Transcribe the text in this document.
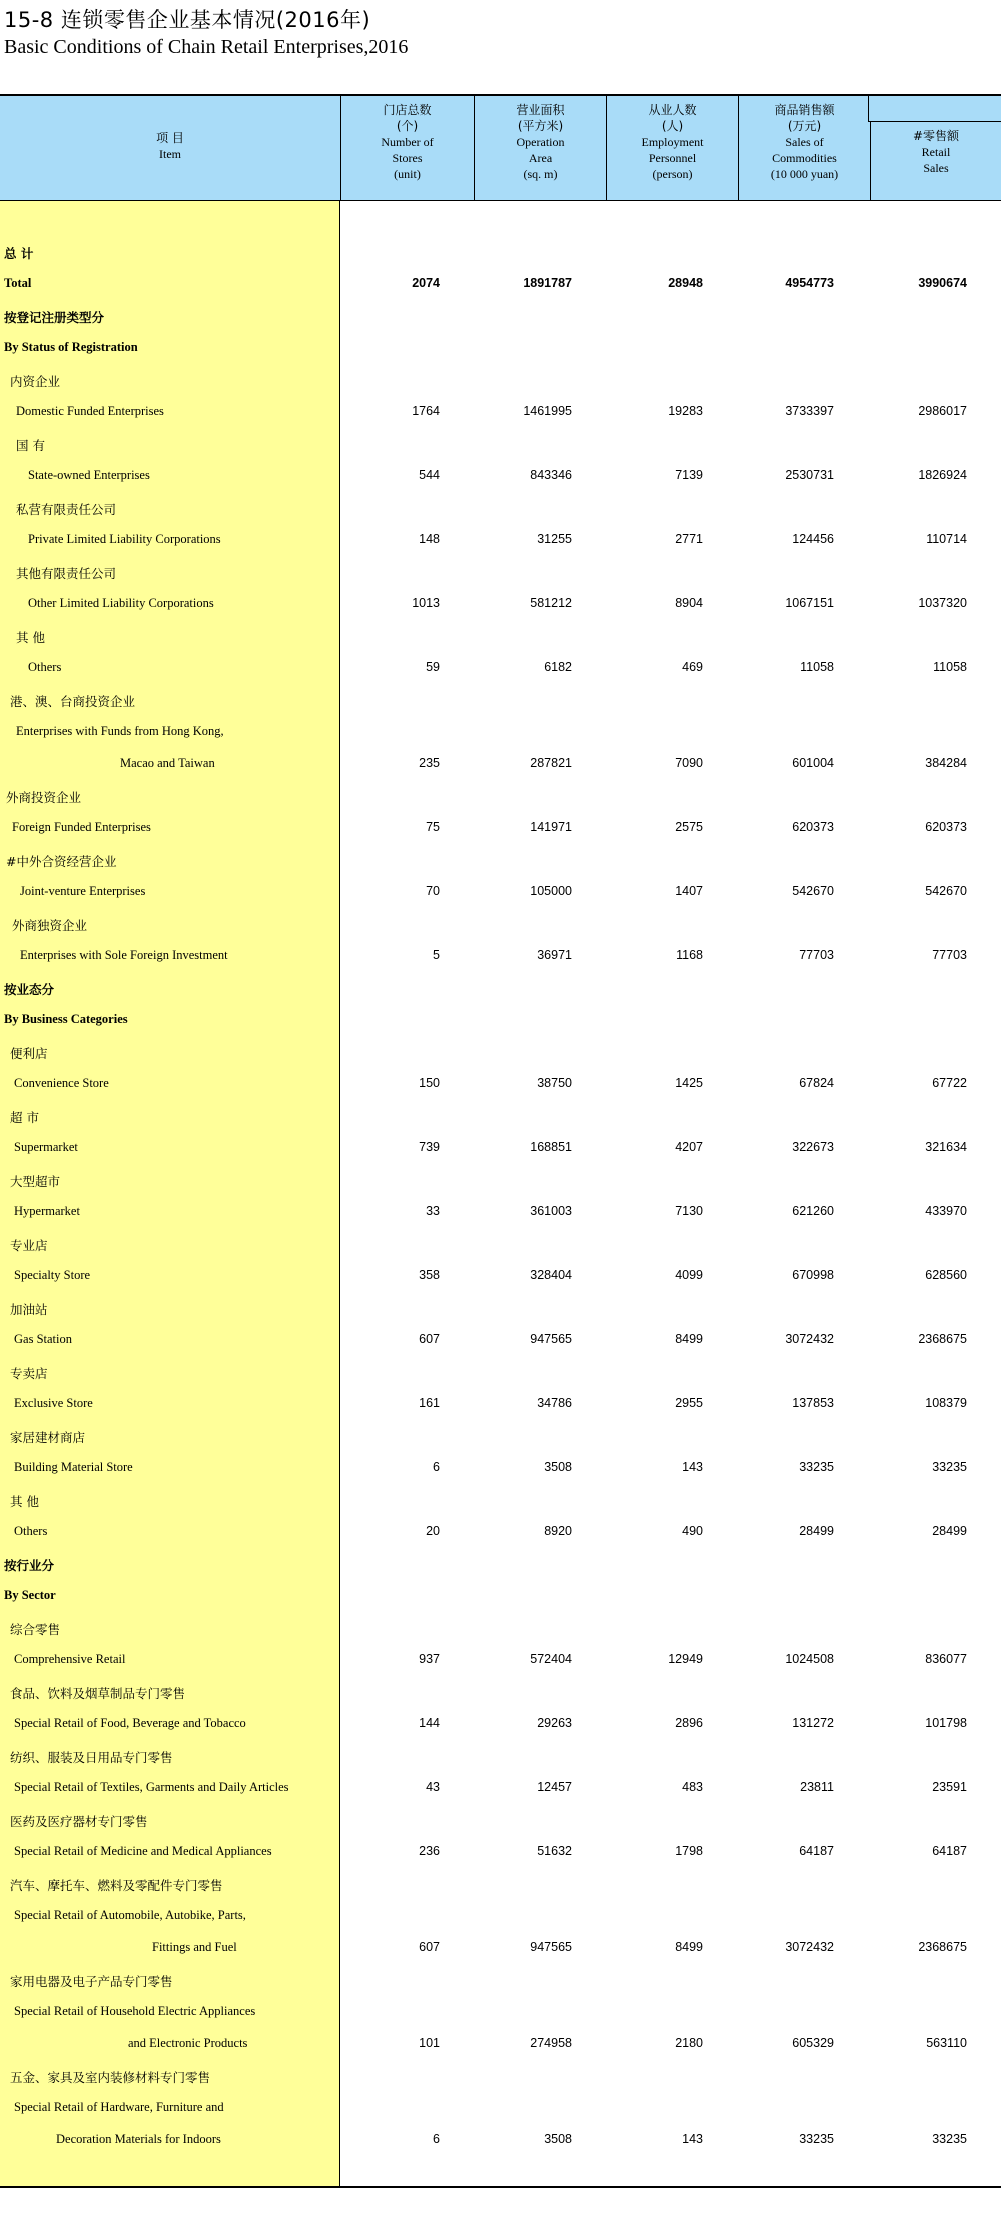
15-8 连锁零售企业基本情况(2016年)
Basic Conditions of Chain Retail Enterprises,2016
项 目
Item
门店总数
(个)
Number of
Stores
(unit)
营业面积
(平方米)
Operation
Area
(sq. m)
从业人数
(人)
Employment
Personnel
(person)
商品销售额
(万元)
Sales of
Commodities
(10 000 yuan)
#零售额
Retail
Sales
总 计
Total	2074	1891787	28948	4954773	3990674
按登记注册类型分
By Status of Registration
内资企业
Domestic Funded Enterprises	1764	1461995	19283	3733397	2986017
国 有
State-owned Enterprises	544	843346	7139	2530731	1826924
私营有限责任公司
Private Limited Liability Corporations	148	31255	2771	124456	110714
其他有限责任公司
Other Limited Liability Corporations	1013	581212	8904	1067151	1037320
其 他
Others	59	6182	469	11058	11058
港、澳、台商投资企业
Enterprises with Funds from Hong Kong,
Macao and Taiwan	235	287821	7090	601004	384284
外商投资企业
Foreign Funded Enterprises	75	141971	2575	620373	620373
#中外合资经营企业
Joint-venture Enterprises	70	105000	1407	542670	542670
外商独资企业
Enterprises with Sole Foreign Investment	5	36971	1168	77703	77703
按业态分
By Business Categories
便利店
Convenience Store	150	38750	1425	67824	67722
超 市
Supermarket	739	168851	4207	322673	321634
大型超市
Hypermarket	33	361003	7130	621260	433970
专业店
Specialty Store	358	328404	4099	670998	628560
加油站
Gas Station	607	947565	8499	3072432	2368675
专卖店
Exclusive Store	161	34786	2955	137853	108379
家居建材商店
Building Material Store	6	3508	143	33235	33235
其 他
Others	20	8920	490	28499	28499
按行业分
By Sector
综合零售
Comprehensive Retail	937	572404	12949	1024508	836077
食品、饮料及烟草制品专门零售
Special Retail of Food, Beverage and Tobacco	144	29263	2896	131272	101798
纺织、服装及日用品专门零售
Special Retail of Textiles, Garments and Daily Articles	43	12457	483	23811	23591
医药及医疗器材专门零售
Special Retail of Medicine and Medical Appliances	236	51632	1798	64187	64187
汽车、摩托车、燃料及零配件专门零售
Special Retail of Automobile, Autobike, Parts,
Fittings and Fuel	607	947565	8499	3072432	2368675
家用电器及电子产品专门零售
Special Retail of Household Electric Appliances
and Electronic Products	101	274958	2180	605329	563110
五金、家具及室内装修材料专门零售
Special Retail of Hardware, Furniture and
Decoration Materials for Indoors	6	3508	143	33235	33235
